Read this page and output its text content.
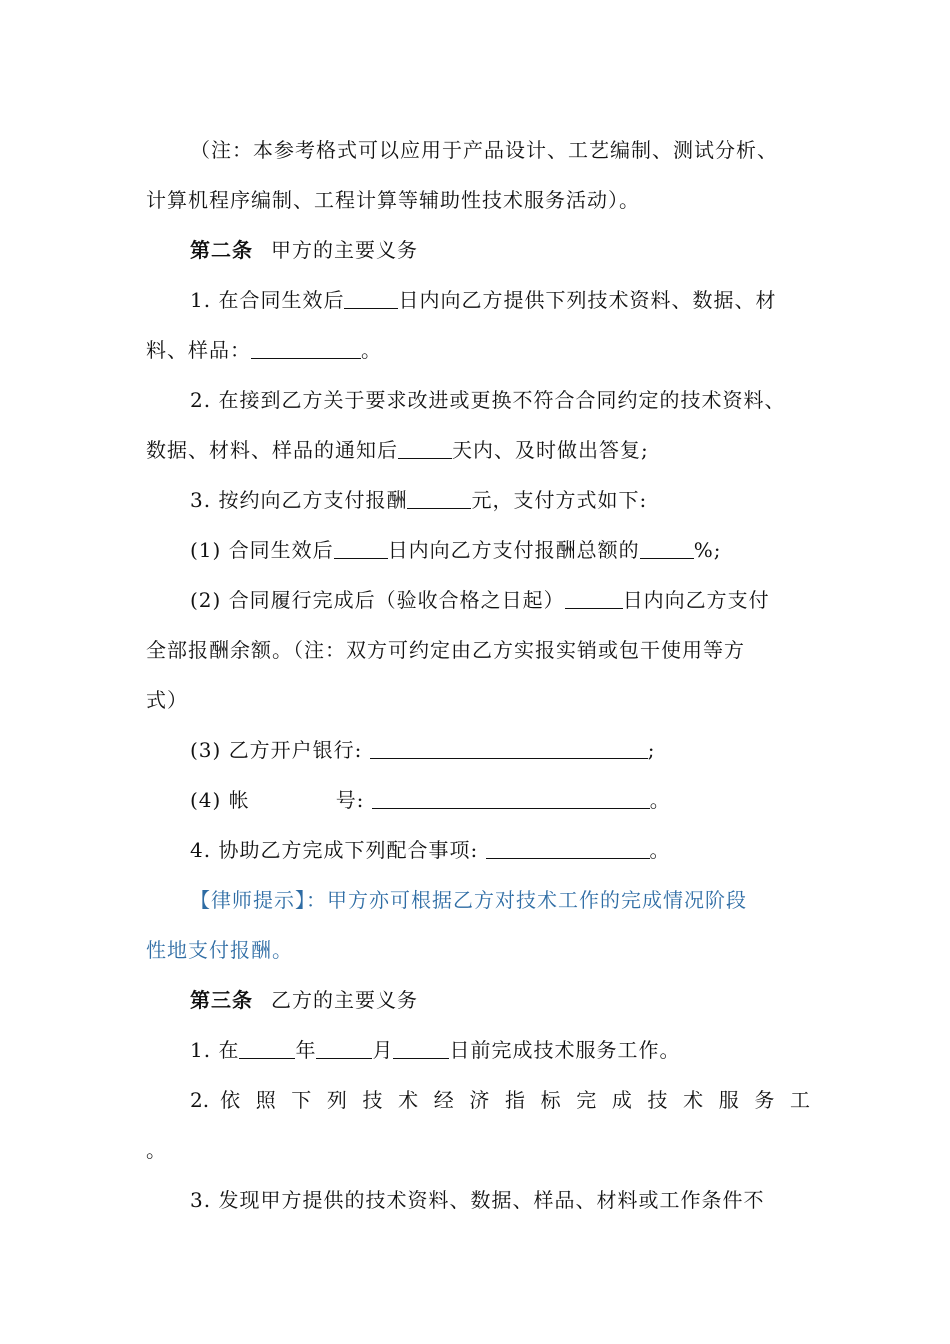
（注：本参考格式可以应用于产品设计、工艺编制、测试分析、
计算机程序编制、工程计算等辅助性技术服务活动）。
第二条 甲方的主要义务
1. 在合同生效后	日内向乙方提供下列技术资料、数据、材
料、样品：	。
2. 在接到乙方关于要求改进或更换不符合合同约定的技术资料、
数据、材料、样品的通知后	天内、及时做出答复;
3. 按约向乙方支付报酬	元，支付方式如下:
(1) 合同生效后	日内向乙方支付报酬总额的	%;
(2) 合同履行完成后（验收合格之日起）	日内向乙方支付
全部报酬余额。（注：双方可约定由乙方实报实销或包干使用等方
式）
(3) 乙方开户银行:	;
(4) 帐	号:	。
4. 协助乙方完成下列配合事项:	。
【律师提示】：甲方亦可根据乙方对技术工作的完成情况阶段
性地支付报酬。
第三条 乙方的主要义务
1. 在	年	月	日前完成技术服务工作。
2. 依 照 下 列 技 术 经 济 指 标 完 成 技 术 服 务 工
。
3. 发现甲方提供的技术资料、数据、样品、材料或工作条件不
